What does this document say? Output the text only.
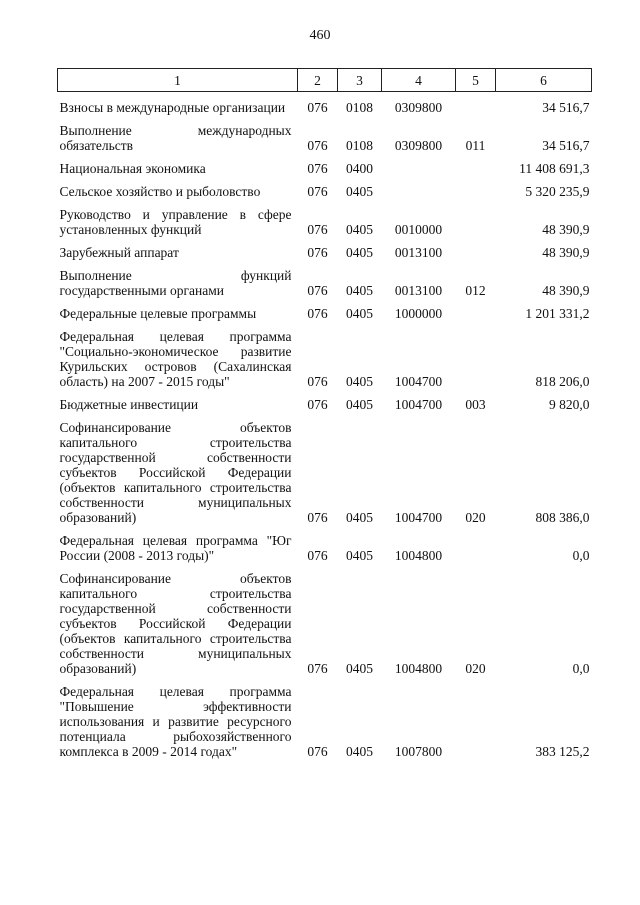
460
1	2	3	4	5	6
Взносы в международные организации	076	0108	0309800		34 516,7
Выполнение международных обязательств	076	0108	0309800	011	34 516,7
Национальная экономика	076	0400			11 408 691,3
Сельское хозяйство и рыболовство	076	0405			5 320 235,9
Руководство и управление в сфере установленных функций	076	0405	0010000		48 390,9
Зарубежный аппарат	076	0405	0013100		48 390,9
Выполнение функций государственными органами	076	0405	0013100	012	48 390,9
Федеральные целевые программы	076	0405	1000000		1 201 331,2
Федеральная целевая программа "Социально-экономическое развитие Курильских островов (Сахалинская область) на 2007 - 2015 годы"	076	0405	1004700		818 206,0
Бюджетные инвестиции	076	0405	1004700	003	9 820,0
Софинансирование объектов капитального строительства государственной собственности субъектов Российской Федерации (объектов капитального строительства собственности муниципальных образований)	076	0405	1004700	020	808 386,0
Федеральная целевая программа "Юг России (2008 - 2013 годы)"	076	0405	1004800		0,0
Софинансирование объектов капитального строительства государственной собственности субъектов Российской Федерации (объектов капитального строительства собственности муниципальных образований)	076	0405	1004800	020	0,0
Федеральная целевая программа "Повышение эффективности использования и развитие ресурсного потенциала рыбохозяйственного комплекса в 2009 - 2014 годах"	076	0405	1007800		383 125,2
